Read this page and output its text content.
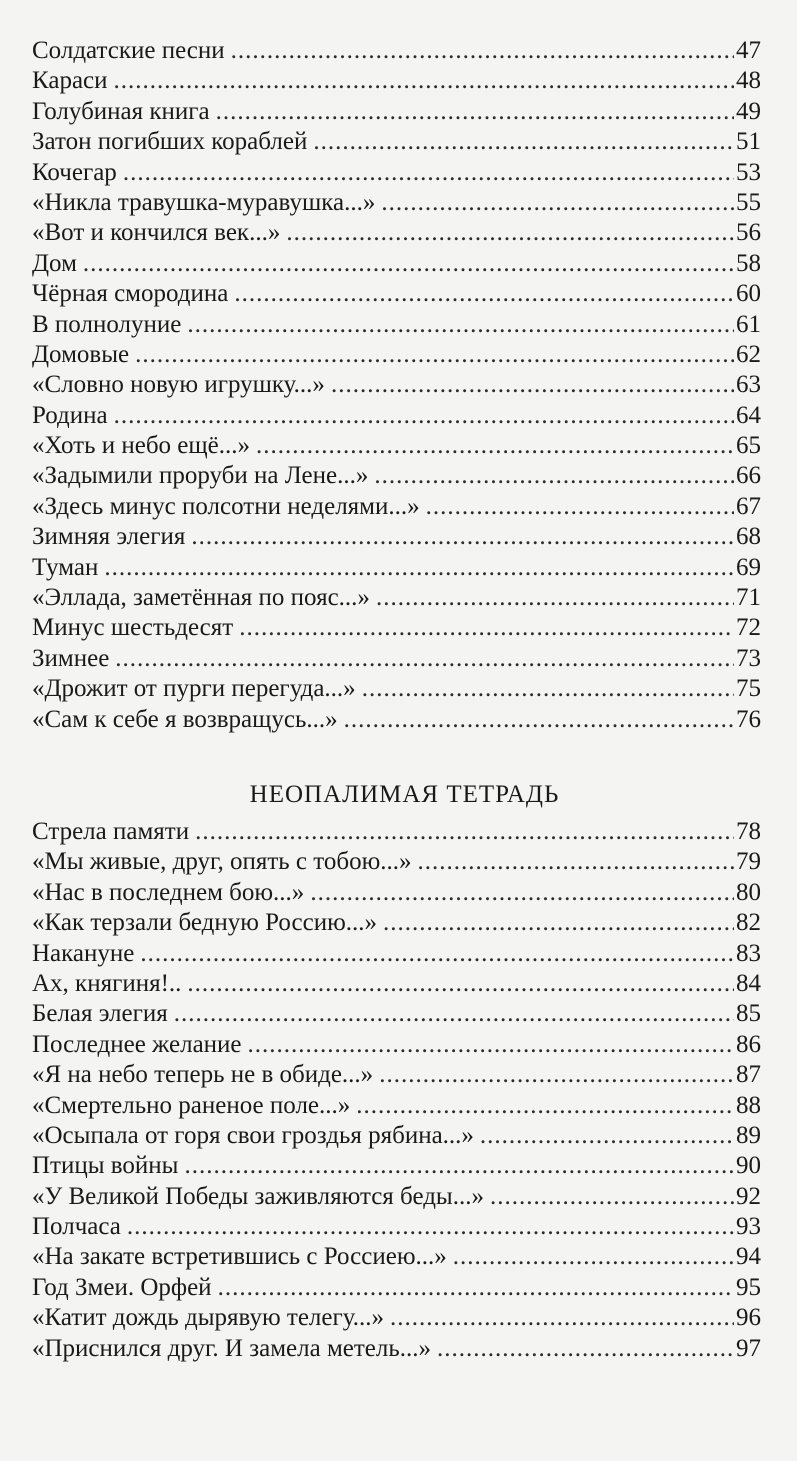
Солдатские песни .....	47
Караси .....	48
Голубиная книга .....	49
Затон погибших кораблей .....	51
Кочегар .....	53
«Никла травушка-муравушка...» .....	55
«Вот и кончился век...» .....	56
Дом .....	58
Чёрная смородина .....	60
В полнолуние .....	61
Домовые .....	62
«Словно новую игрушку...» .....	63
Родина .....	64
«Хоть и небо ещё...» .....	65
«Задымили проруби на Лене...» .....	66
«Здесь минус полсотни неделями...» .....	67
Зимняя элегия .....	68
Туман .....	69
«Эллада, заметённая по пояс...» .....	71
Минус шестьдесят .....	72
Зимнее .....	73
«Дрожит от пурги перегуда...» .....	75
«Сам к себе я возвращусь...» .....	76
НЕОПАЛИМАЯ ТЕТРАДЬ
Стрела памяти .....	78
«Мы живые, друг, опять с тобою...» .....	79
«Нас в последнем бою...» .....	80
«Как терзали бедную Россию...» .....	82
Накануне .....	83
Ах, княгиня!.. .....	84
Белая элегия .....	85
Последнее желание .....	86
«Я на небо теперь не в обиде...» .....	87
«Смертельно раненое поле...» .....	88
«Осыпала от горя свои гроздья рябина...» .....	89
Птицы войны .....	90
«У Великой Победы заживляются беды...» .....	92
Полчаса .....	93
«На закате встретившись с Россиею...» .....	94
Год Змеи. Орфей .....	95
«Катит дождь дырявую телегу...» .....	96
«Приснился друг. И замела метель...» .....	97
